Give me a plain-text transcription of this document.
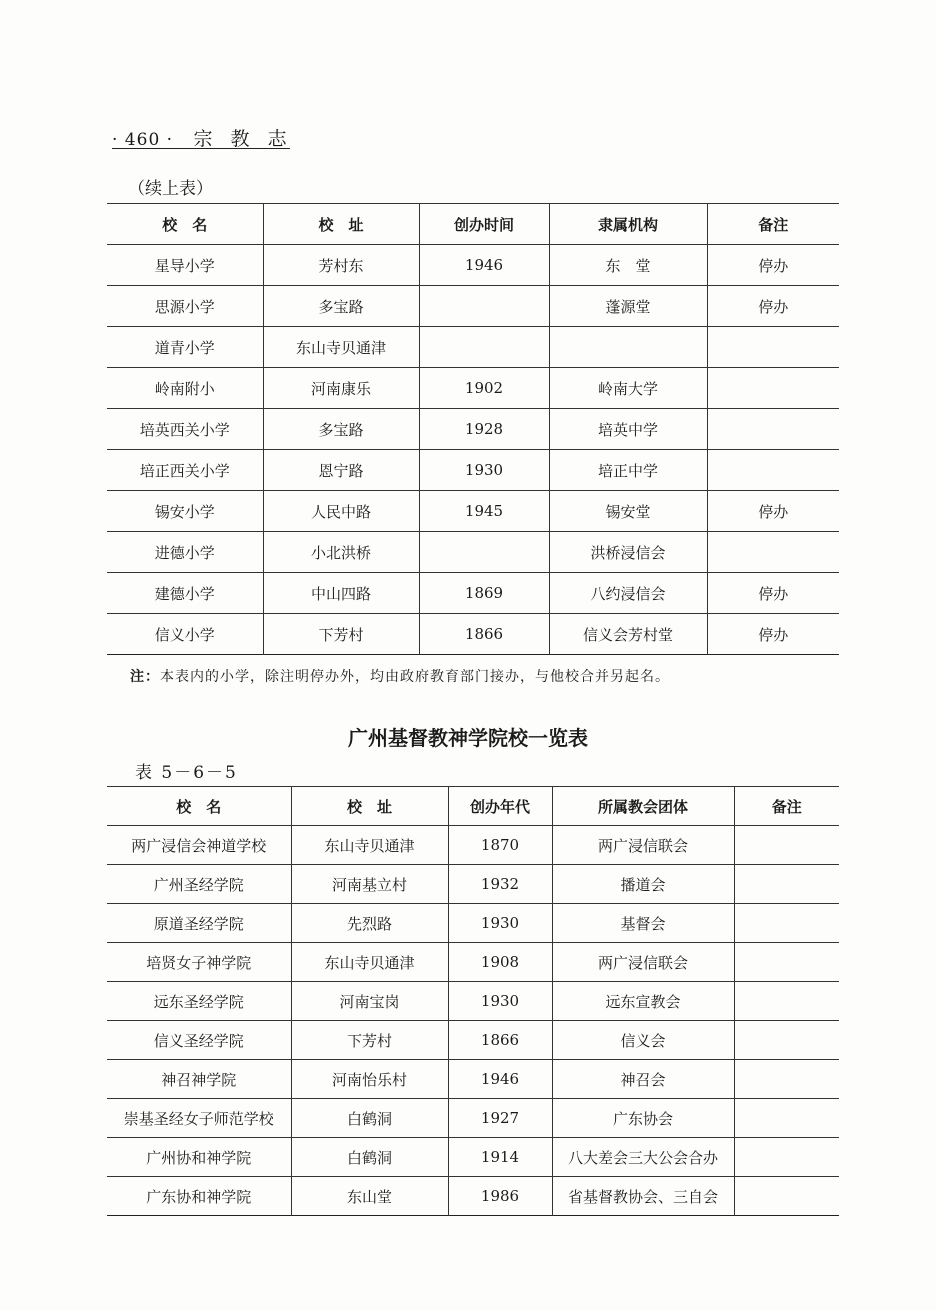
· 460 · 宗 教 志
（续上表）
校　名	校　址	创办时间	隶属机构	备注
星导小学	芳村东	1946	东　堂	停办
思源小学	多宝路		蓬源堂	停办
道青小学	东山寺贝通津			
岭南附小	河南康乐	1902	岭南大学	
培英西关小学	多宝路	1928	培英中学	
培正西关小学	恩宁路	1930	培正中学	
锡安小学	人民中路	1945	锡安堂	停办
进德小学	小北洪桥		洪桥浸信会	
建德小学	中山四路	1869	八约浸信会	停办
信义小学	下芳村	1866	信义会芳村堂	停办
注：本表内的小学，除注明停办外，均由政府教育部门接办，与他校合并另起名。
广州基督教神学院校一览表
表 5－6－5
校　名	校　址	创办年代	所属教会团体	备注
两广浸信会神道学校	东山寺贝通津	1870	两广浸信联会	
广州圣经学院	河南基立村	1932	播道会	
原道圣经学院	先烈路	1930	基督会	
培贤女子神学院	东山寺贝通津	1908	两广浸信联会	
远东圣经学院	河南宝岗	1930	远东宣教会	
信义圣经学院	下芳村	1866	信义会	
神召神学院	河南怡乐村	1946	神召会	
崇基圣经女子师范学校	白鹤洞	1927	广东协会	
广州协和神学院	白鹤洞	1914	八大差会三大公会合办	
广东协和神学院	东山堂	1986	省基督教协会、三自会	
